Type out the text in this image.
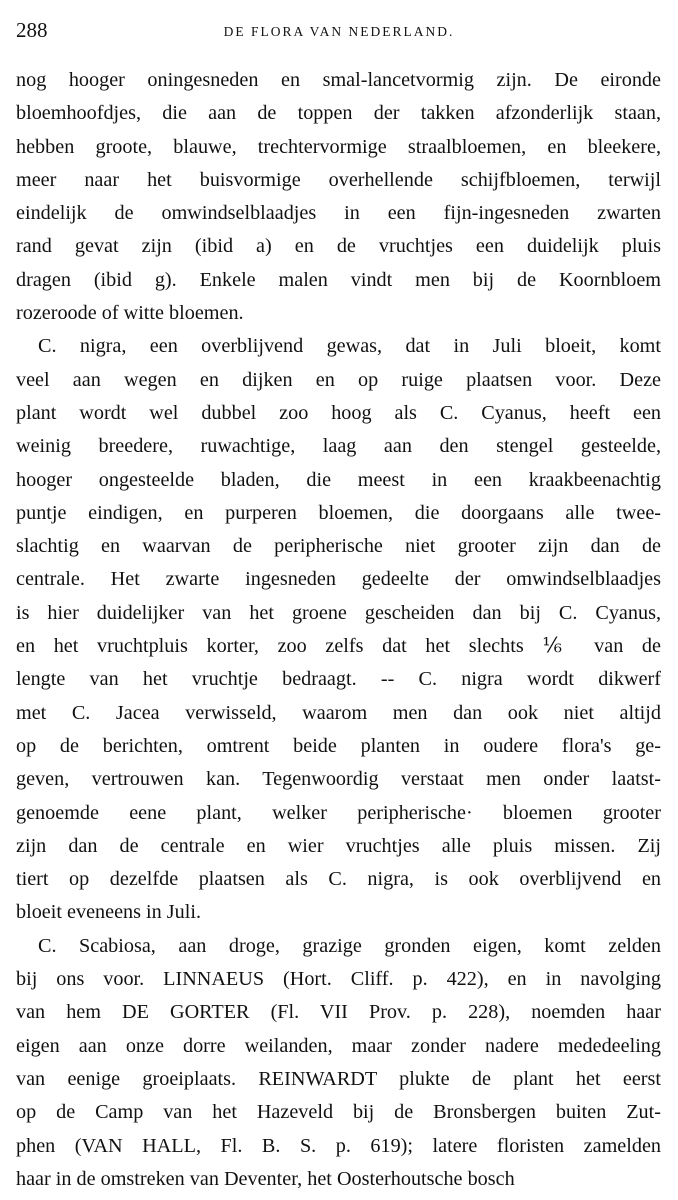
288	DE FLORA VAN NEDERLAND.
nog hooger oningesneden en smal-lancetvormig zijn. De eironde
bloemhoofdjes, die aan de toppen der takken afzonderlijk staan,
hebben groote, blauwe, trechtervormige straalbloemen, en bleekere,
meer naar het buisvormige overhellende schijfbloemen, terwijl
eindelijk de omwindselblaadjes in een fijn-ingesneden zwarten
rand gevat zijn (ibid a) en de vruchtjes een duidelijk pluis
dragen (ibid g). Enkele malen vindt men bij de Koornbloem
rozeroode of witte bloemen.
C. nigra, een overblijvend gewas, dat in Juli bloeit, komt
veel aan wegen en dijken en op ruige plaatsen voor. Deze
plant wordt wel dubbel zoo hoog als C. Cyanus, heeft een
weinig breedere, ruwachtige, laag aan den stengel gesteelde,
hooger ongesteelde bladen, die meest in een kraakbeenachtig
puntje eindigen, en purperen bloemen, die doorgaans alle twee-
slachtig en waarvan de peripherische niet grooter zijn dan de
centrale. Het zwarte ingesneden gedeelte der omwindselblaadjes
is hier duidelijker van het groene gescheiden dan bij C. Cyanus,
en het vruchtpluis korter, zoo zelfs dat het slechts ⅙ van de
lengte van het vruchtje bedraagt. -- C. nigra wordt dikwerf
met C. Jacea verwisseld, waarom men dan ook niet altijd
op de berichten, omtrent beide planten in oudere flora's ge-
geven, vertrouwen kan. Tegenwoordig verstaat men onder laatst-
genoemde eene plant, welker peripherische· bloemen grooter
zijn dan de centrale en wier vruchtjes alle pluis missen. Zij
tiert op dezelfde plaatsen als C. nigra, is ook overblijvend en
bloeit eveneens in Juli.
C. Scabiosa, aan droge, grazige gronden eigen, komt zelden
bij ons voor. LINNAEUS (Hort. Cliff. p. 422), en in navolging
van hem DE GORTER (Fl. VII Prov. p. 228), noemden haar
eigen aan onze dorre weilanden, maar zonder nadere mededeeling
van eenige groeiplaats. REINWARDT plukte de plant het eerst
op de Camp van het Hazeveld bij de Bronsbergen buiten Zut-
phen (VAN HALL, Fl. B. S. p. 619); latere floristen zamelden
haar in de omstreken van Deventer, het Oosterhoutsche bosch
